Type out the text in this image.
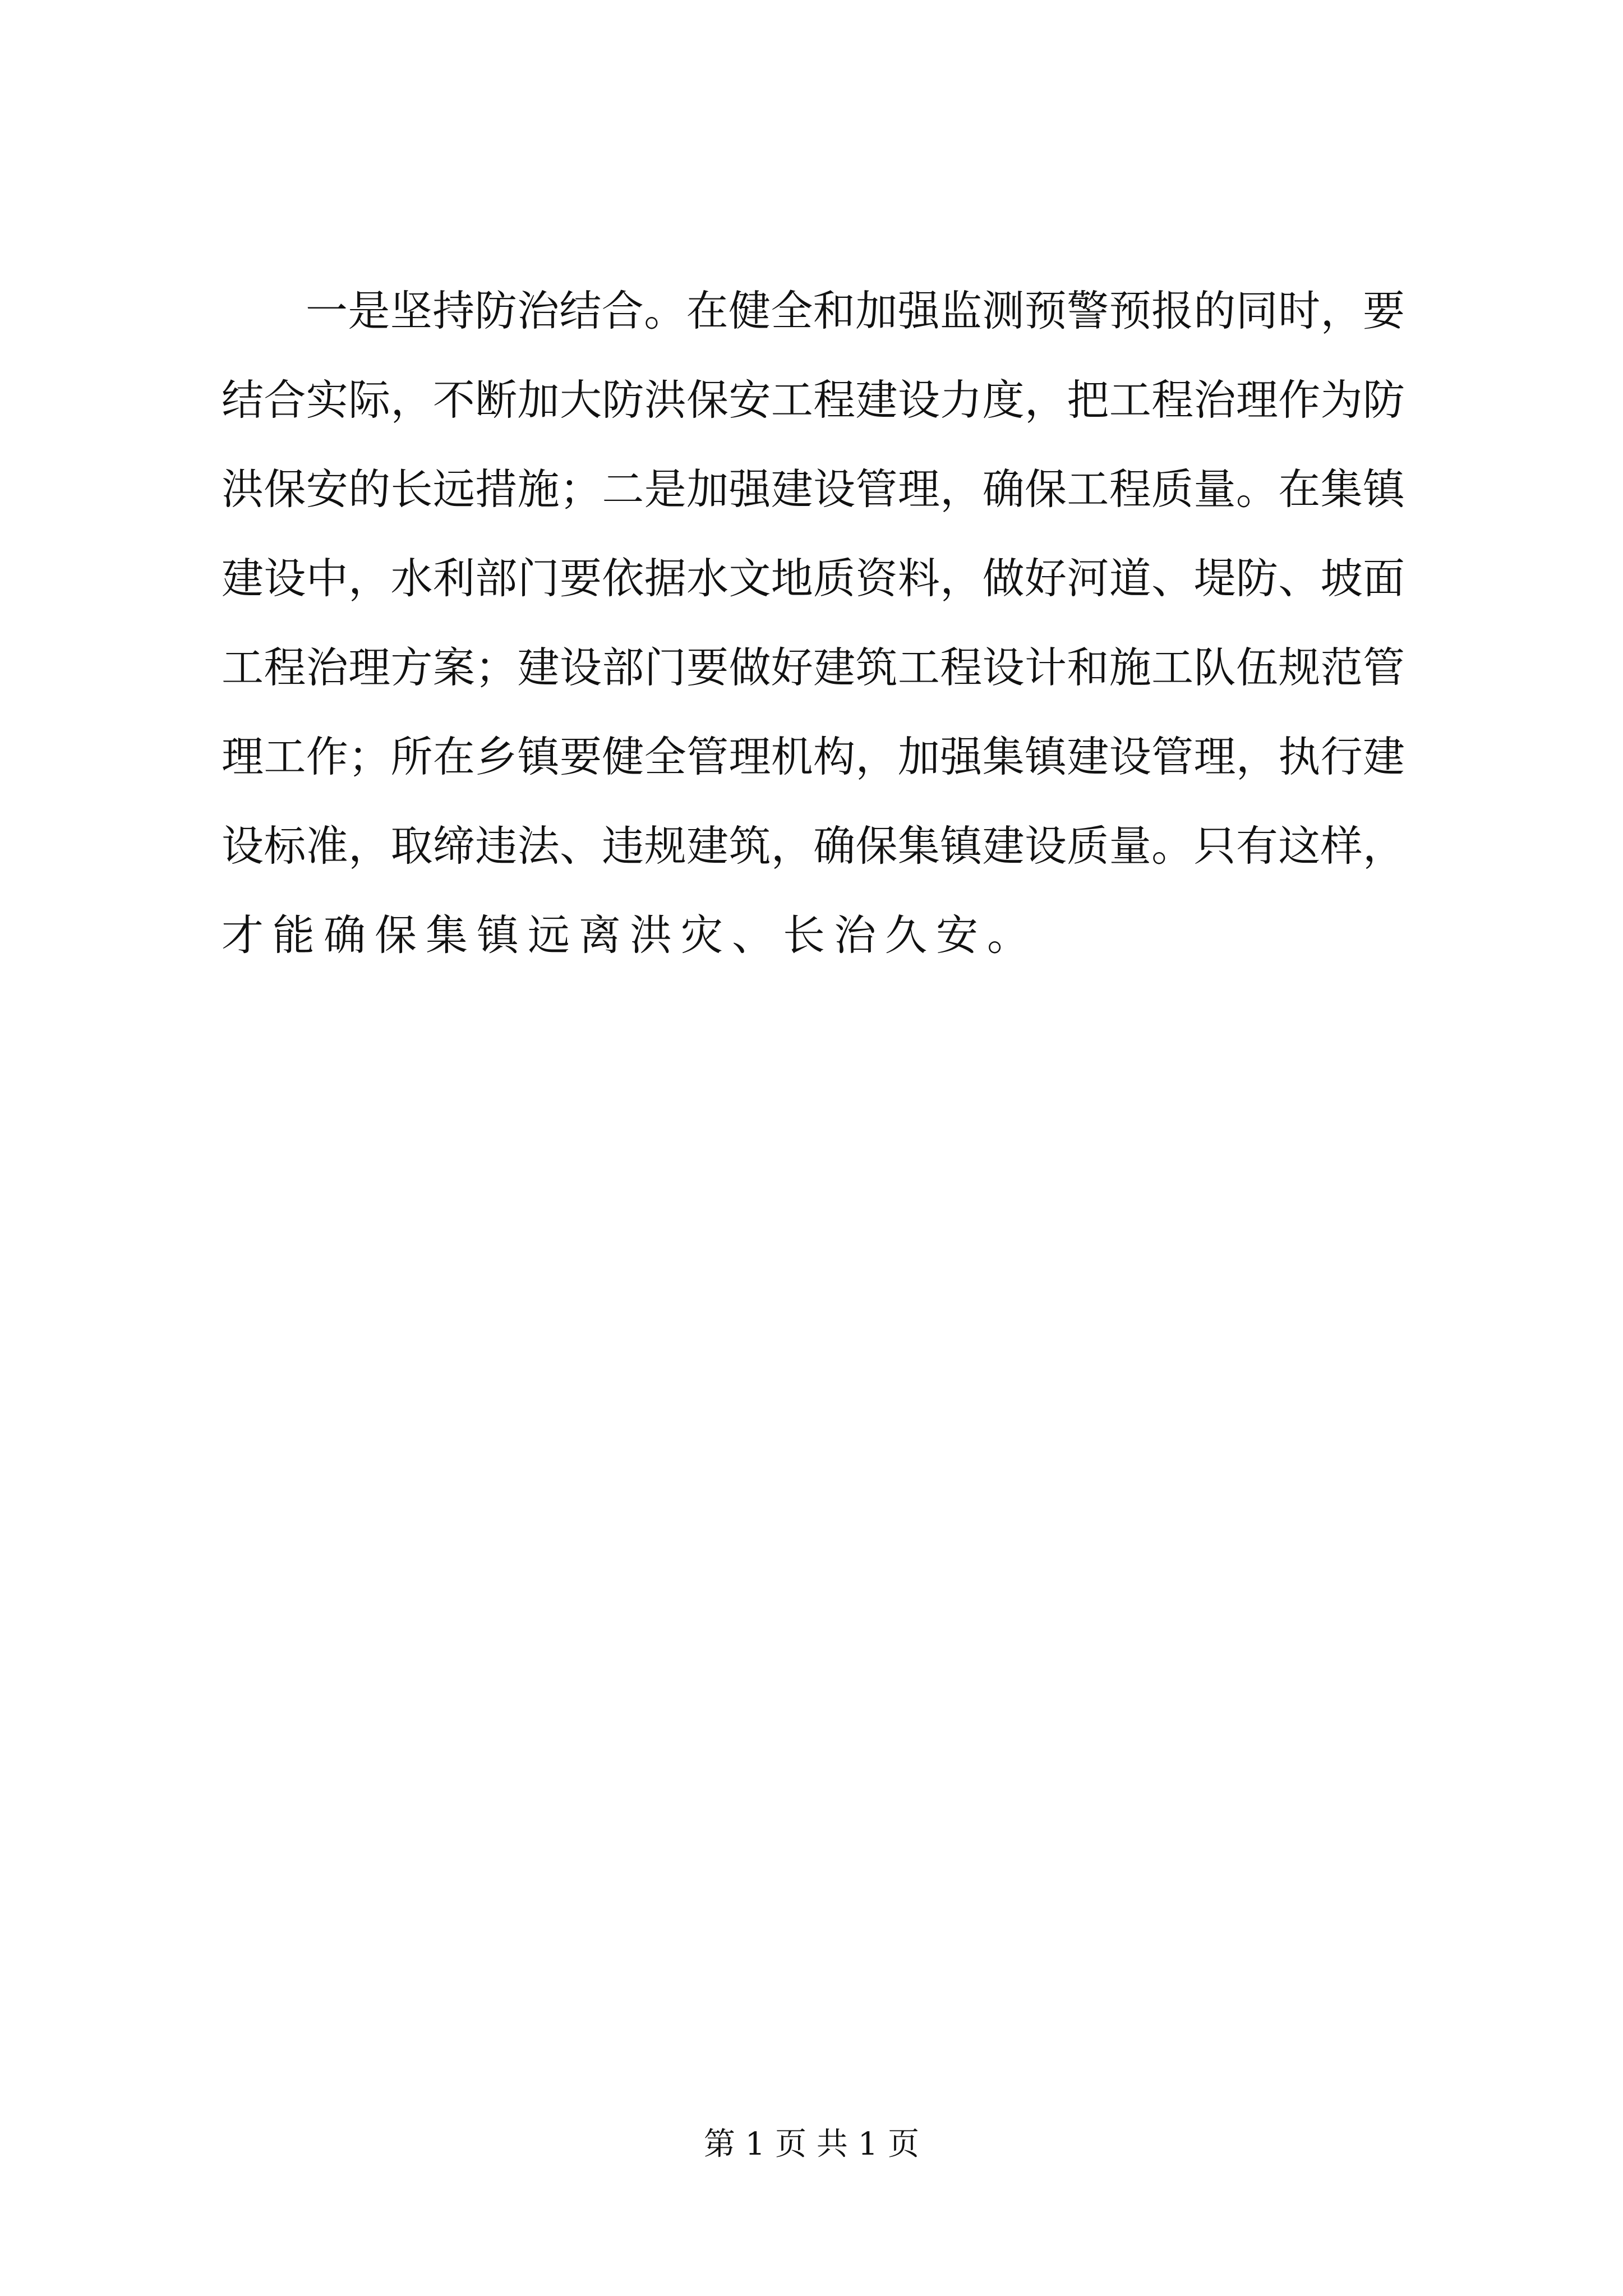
一是坚持防治结合。在健全和加强监测预警预报的同时，要
结合实际，不断加大防洪保安工程建设力度，把工程治理作为防
洪保安的长远措施；二是加强建设管理，确保工程质量。在集镇
建设中，水利部门要依据水文地质资料，做好河道、堤防、坡面
工程治理方案；建设部门要做好建筑工程设计和施工队伍规范管
理工作；所在乡镇要健全管理机构，加强集镇建设管理，执行建
设标准，取缔违法、违规建筑，确保集镇建设质量。只有这样，
才能确保集镇远离洪灾、长治久安。
第 1 页 共 1 页
